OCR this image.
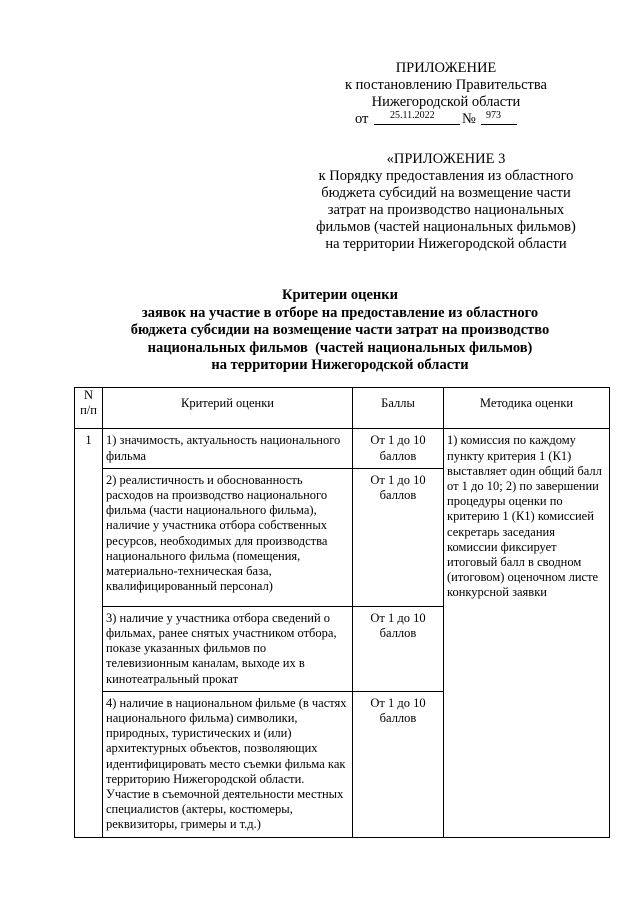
ПРИЛОЖЕНИЕ
к постановлению Правительства
Нижегородской области
от 25.11.2022 № 973
«ПРИЛОЖЕНИЕ 3
к Порядку предоставления из областного
бюджета субсидий на возмещение части
затрат на производство национальных
фильмов (частей национальных фильмов)
на территории Нижегородской области
Критерии оценки
заявок на участие в отборе на предоставление из областного
бюджета субсидии на возмещение части затрат на производство
национальных фильмов  (частей национальных фильмов)
на территории Нижегородской области
N п/п	Критерий оценки	Баллы	Методика оценки
1	1) значимость, актуальность национального фильма	От 1 до 10 баллов	1) комиссия по каждому пункту критерия 1 (К1) выставляет один общий балл от 1 до 10; 2) по завершении процедуры оценки по критерию 1 (К1) комиссией секретарь заседания комиссии фиксирует итоговый балл в сводном (итоговом) оценочном листе конкурсной заявки
	2) реалистичность и обоснованность расходов на производство национального фильма (части национального фильма), наличие у участника отбора собственных ресурсов, необходимых для производства национального фильма (помещения, материально-техническая база, квалифицированный персонал)	От 1 до 10 баллов	
	3) наличие у участника отбора сведений о фильмах, ранее снятых участником отбора, показе указанных фильмов по телевизионным каналам, выходе их в кинотеатральный прокат	От 1 до 10 баллов	
	4) наличие в национальном фильме (в частях национального фильма) символики, природных, туристических и (или) архитектурных объектов, позволяющих идентифицировать место съемки фильма как территорию Нижегородской области. Участие в съемочной деятельности местных специалистов (актеры, костюмеры, реквизиторы, гримеры и т.д.)	От 1 до 10 баллов	
